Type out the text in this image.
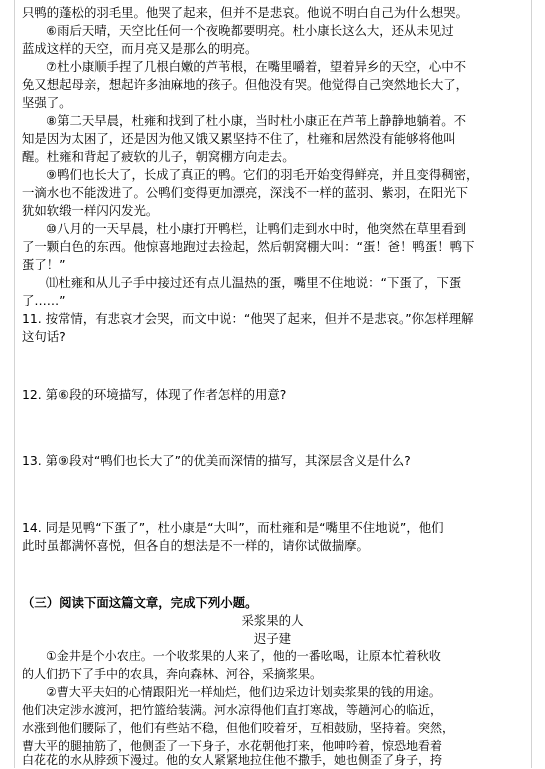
只鸭的蓬松的羽毛里。他哭了起来，但并不是悲哀。他说不明白自己为什么想哭。
⑥雨后天晴，天空比任何一个夜晚都要明亮。杜小康长这么大，还从未见过
蓝成这样的天空，而月亮又是那么的明亮。
⑦杜小康顺手捏了几根白嫩的芦苇根，在嘴里嚼着，望着异乡的天空，心中不
免又想起母亲，想起许多油麻地的孩子。但他没有哭。他觉得自己突然地长大了，
坚强了。
⑧第二天早晨，杜雍和找到了杜小康，当时杜小康正在芦苇上静静地躺着。不
知是因为太困了，还是因为他又饿又累坚持不住了，杜雍和居然没有能够将他叫
醒。杜雍和背起了疲软的儿子，朝窝棚方向走去。
⑨鸭们也长大了，长成了真正的鸭。它们的羽毛开始变得鲜亮，并且变得稠密，
一滴水也不能泼进了。公鸭们变得更加漂亮，深浅不一样的蓝羽、紫羽，在阳光下
犹如软缎一样闪闪发光。
⑩八月的一天早晨，杜小康打开鸭栏，让鸭们走到水中时，他突然在草里看到
了一颗白色的东西。他惊喜地跑过去捡起，然后朝窝棚大叫：“蛋！爸！鸭蛋！鸭下
蛋了！”
⑾杜雍和从儿子手中接过还有点儿温热的蛋，嘴里不住地说：“下蛋了，下蛋
了……”
11. 按常情，有悲哀才会哭，而文中说：“他哭了起来，但并不是悲哀。”你怎样理解
这句话?
12. 第⑥段的环境描写，体现了作者怎样的用意?
13. 第⑨段对“鸭们也长大了”的优美而深情的描写，其深层含义是什么?
14. 同是见鸭“下蛋了”，杜小康是“大叫”，而杜雍和是“嘴里不住地说”，他们
此时虽都满怀喜悦，但各自的想法是不一样的，请你试做揣摩。
（三）阅读下面这篇文章，完成下列小题。
采浆果的人
迟子建
①金井是个小农庄。一个收浆果的人来了，他的一番吆喝，让原本忙着秋收
的人们扔下了手中的农具，奔向森林、河谷，采摘浆果。
②曹大平夫妇的心情跟阳光一样灿烂，他们边采边计划卖浆果的钱的用途。
他们决定涉水渡河，把竹篮给装满。河水凉得他们直打寒战，等趟河心的临近，
水涨到他们腰际了，他们有些站不稳，但他们咬着牙，互相鼓励，坚持着。突然，
曹大平的腿抽筋了，他侧歪了一下身子，水花朝他打来，他呻吟着，惊恐地看着
白花花的水从脖颈下漫过。他的女人紧紧地拉住他不撒手，她也侧歪了身子，挎
